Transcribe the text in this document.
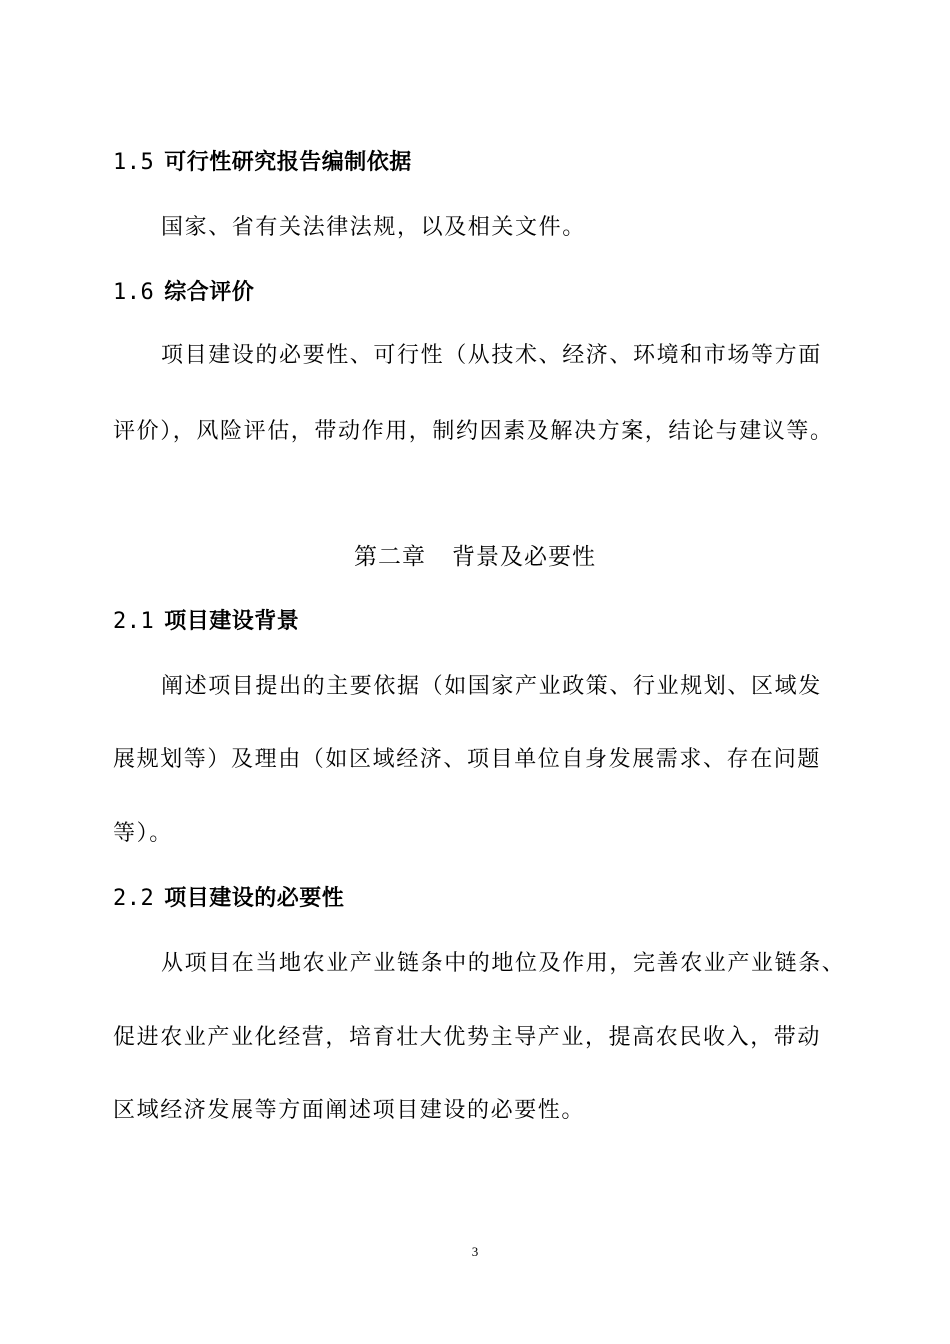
1.5 可行性研究报告编制依据
国家、省有关法律法规，以及相关文件。
1.6 综合评价
项目建设的必要性、可行性（从技术、经济、环境和市场等方面
评价），风险评估，带动作用，制约因素及解决方案，结论与建议等。
第二章 背景及必要性
2.1 项目建设背景
阐述项目提出的主要依据（如国家产业政策、行业规划、区域发
展规划等）及理由（如区域经济、项目单位自身发展需求、存在问题
等）。
2.2 项目建设的必要性
从项目在当地农业产业链条中的地位及作用，完善农业产业链条、
促进农业产业化经营，培育壮大优势主导产业，提高农民收入，带动
区域经济发展等方面阐述项目建设的必要性。
3
